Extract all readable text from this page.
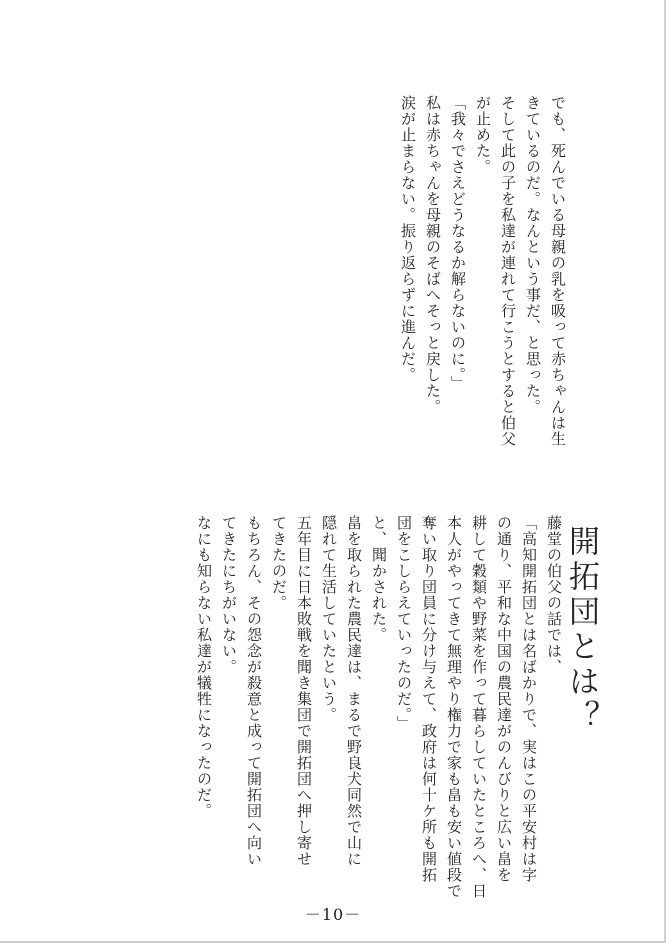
でも、死んでいる母親の乳を吸って赤ちゃんは生
きているのだ。なんという事だ、と思った。
そして此の子を私達が連れて行こうとすると伯父
が止めた。
「我々でさえどうなるか解らないのに。」
私は赤ちゃんを母親のそばへそっと戻した。
涙が止まらない。振り返らずに進んだ。
開拓団とは？
藤堂の伯父の話では、
「高知開拓団とは名ばかりで、実はこの平安村は字
の通り、平和な中国の農民達がのんびりと広い畠を
耕して穀類や野菜を作って暮らしていたところへ、日
本人がやってきて無理やり権力で家も畠も安い値段で
奪い取り団員に分け与えて、政府は何十ケ所も開拓
団をこしらえていったのだ。」
と、聞かされた。
畠を取られた農民達は、まるで野良犬同然で山に
隠れて生活していたという。
五年目に日本敗戦を聞き集団で開拓団へ押し寄せ
てきたのだ。
もちろん、その怨念が殺意と成って開拓団へ向い
てきたにちがいない。
なにも知らない私達が犠牲になったのだ。
－10－
